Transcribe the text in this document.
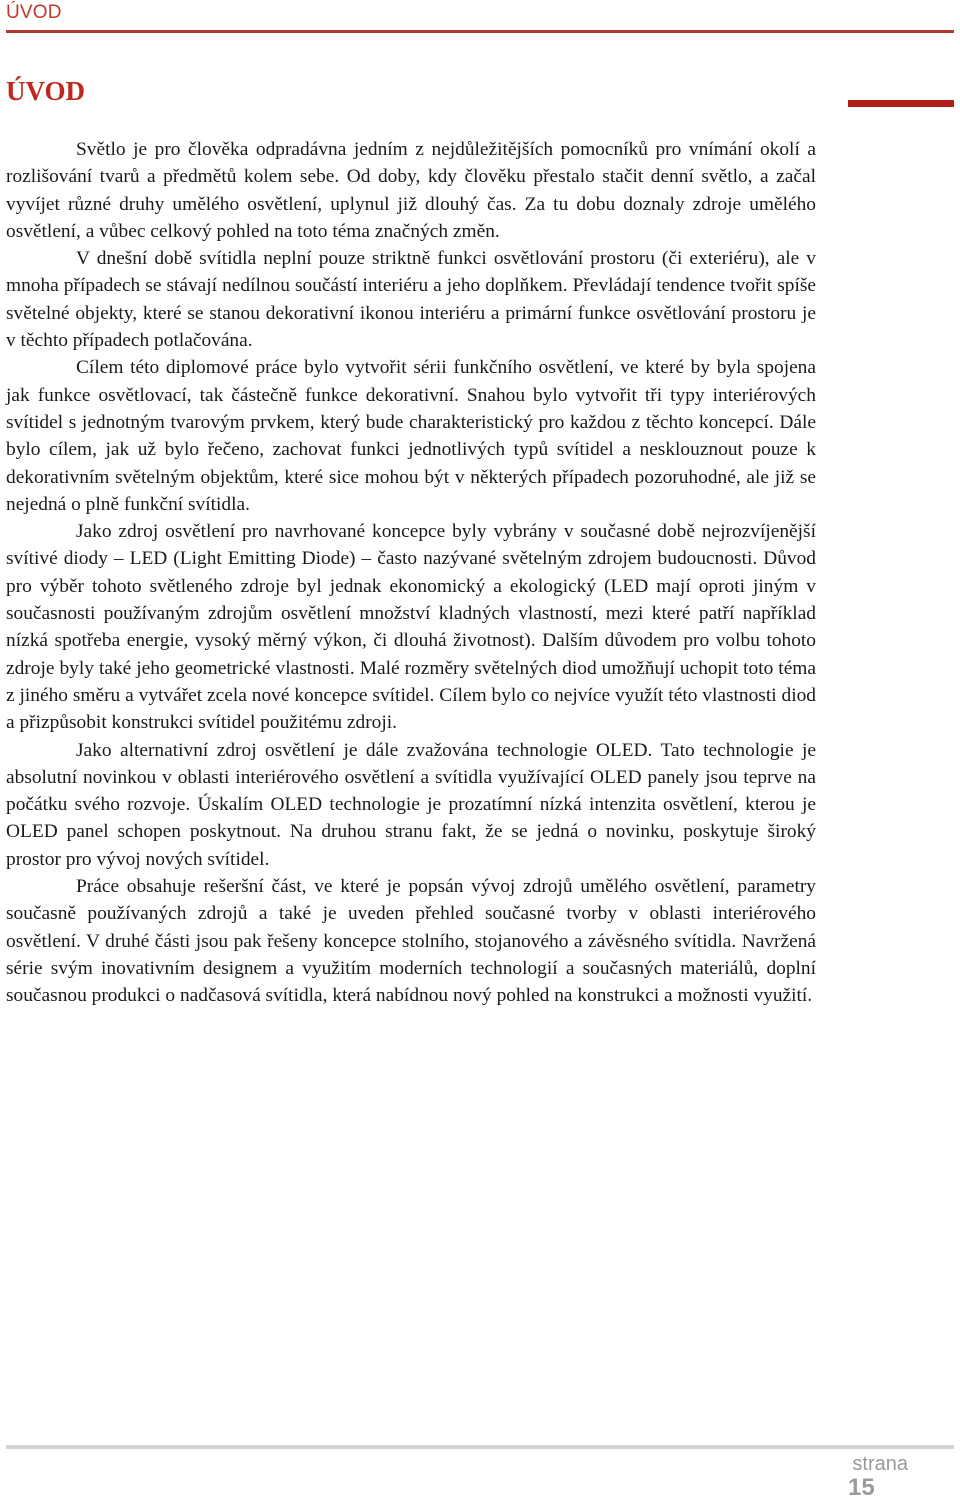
ÚVOD
ÚVOD

Světlo je pro člověka odpradávna jedním z nejdůležitějších pomocníků pro vnímání okolí a rozlišování tvarů a předmětů kolem sebe. Od doby, kdy člověku přestalo stačit denní světlo, a začal vyvíjet různé druhy umělého osvětlení, uplynul již dlouhý čas. Za tu dobu doznaly zdroje umělého osvětlení, a vůbec celkový pohled na toto téma značných změn.

V dnešní době svítidla neplní pouze striktně funkci osvětlování prostoru (či exteriéru), ale v mnoha případech se stávají nedílnou součástí interiéru a jeho doplňkem. Převládají tendence tvořit spíše světelné objekty, které se stanou dekorativní ikonou interiéru a primární funkce osvětlování prostoru je v těchto případech potlačována.

Cílem této diplomové práce bylo vytvořit sérii funkčního osvětlení, ve které by byla spojena jak funkce osvětlovací, tak částečně funkce dekorativní. Snahou bylo vytvořit tři typy interiérových svítidel s jednotným tvarovým prvkem, který bude charakteristický pro každou z těchto koncepcí. Dále bylo cílem, jak už bylo řečeno, zachovat funkci jednotlivých typů svítidel a nesklouznout pouze k dekorativním světelným objektům, které sice mohou být v některých případech pozoruhodné, ale již se nejedná o plně funkční svítidla.

Jako zdroj osvětlení pro navrhované koncepce byly vybrány v současné době nejrozvíjenější svítivé diody – LED (Light Emitting Diode) – často nazývané světelným zdrojem budoucnosti. Důvod pro výběr tohoto světleného zdroje byl jednak ekonomický a ekologický (LED mají oproti jiným v současnosti používaným zdrojům osvětlení množství kladných vlastností, mezi které patří například nízká spotřeba energie, vysoký měrný výkon, či dlouhá životnost). Dalším důvodem pro volbu tohoto zdroje byly také jeho geometrické vlastnosti. Malé rozměry světelných diod umožňují uchopit toto téma z jiného směru a vytvářet zcela nové koncepce svítidel. Cílem bylo co nejvíce využít této vlastnosti diod a přizpůsobit konstrukci svítidel použitému zdroji.

Jako alternativní zdroj osvětlení je dále zvažována technologie OLED. Tato technologie je absolutní novinkou v oblasti interiérového osvětlení a svítidla využívající OLED panely jsou teprve na počátku svého rozvoje. Úskalím OLED technologie je prozatímní nízká intenzita osvětlení, kterou je OLED panel schopen poskytnout. Na druhou stranu fakt, že se jedná o novinku, poskytuje široký prostor pro vývoj nových svítidel.

Práce obsahuje rešeršní část, ve které je popsán vývoj zdrojů umělého osvětlení, parametry současně používaných zdrojů a také je uveden přehled současné tvorby v oblasti interiérového osvětlení. V druhé části jsou pak řešeny koncepce stolního, stojanového a závěsného svítidla. Navržená série svým inovativním designem a využitím moderních technologií a současných materiálů, doplní současnou produkci o nadčasová svítidla, která nabídnou nový pohled na konstrukci a možnosti využití.

strana
15
